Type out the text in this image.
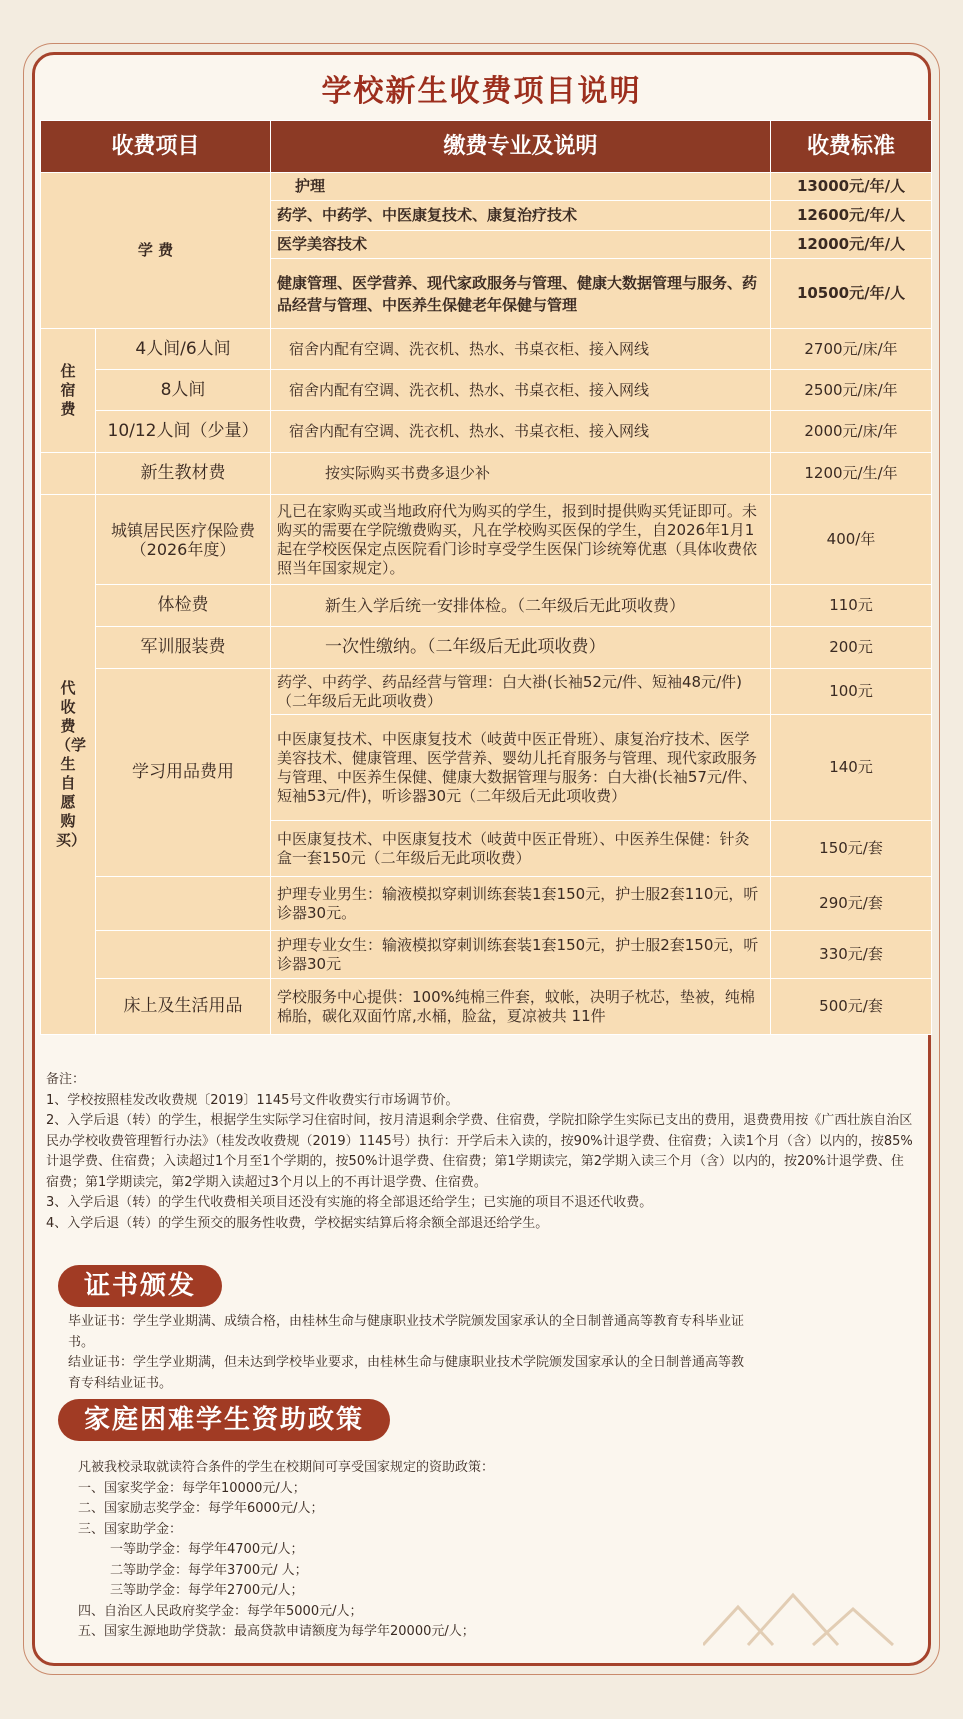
学校新生收费项目说明
收费项目		缴费专业及说明	收费标准
学 费		护理	13000元/年/人
		药学、中药学、中医康复技术、康复治疗技术	12600元/年/人
		医学美容技术	12000元/年/人
		健康管理、医学营养、现代家政服务与管理、健康大数据管理与服务、药品经营与管理、中医养生保健老年保健与管理	10500元/年/人
住宿费	4人间/6人间	宿舍内配有空调、洗衣机、热水、书桌衣柜、接入网线	2700元/床/年
	8人间	宿舍内配有空调、洗衣机、热水、书桌衣柜、接入网线	2500元/床/年
	10/12人间（少量）	宿舍内配有空调、洗衣机、热水、书桌衣柜、接入网线	2000元/床/年
	新生教材费	按实际购买书费多退少补	1200元/生/年
代收费（学生自愿购买）	城镇居民医疗保险费（2026年度）	凡已在家购买或当地政府代为购买的学生，报到时提供购买凭证即可。未购买的需要在学院缴费购买，凡在学校购买医保的学生，自2026年1月1起在学校医保定点医院看门诊时享受学生医保门诊统筹优惠（具体收费依照当年国家规定）。	400/年
	体检费	新生入学后统一安排体检。（二年级后无此项收费）	110元
	军训服装费	一次性缴纳。（二年级后无此项收费）	200元
	学习用品费用	药学、中药学、药品经营与管理：白大褂(长袖52元/件、短袖48元/件)（二年级后无此项收费）	100元
		中医康复技术、中医康复技术（岐黄中医正骨班）、康复治疗技术、医学美容技术、健康管理、医学营养、婴幼儿托育服务与管理、现代家政服务与管理、中医养生保健、健康大数据管理与服务：白大褂(长袖57元/件、短袖53元/件)，听诊器30元（二年级后无此项收费）	140元
		中医康复技术、中医康复技术（岐黄中医正骨班）、中医养生保健：针灸盒一套150元（二年级后无此项收费）	150元/套
		护理专业男生：输液模拟穿刺训练套装1套150元，护士服2套110元，听诊器30元。	290元/套
		护理专业女生：输液模拟穿刺训练套装1套150元，护士服2套150元，听诊器30元	330元/套
	床上及生活用品	学校服务中心提供：100%纯棉三件套，蚊帐，决明子枕芯，垫被，纯棉棉胎，碳化双面竹席,水桶，脸盆，夏凉被共 11件	500元/套
备注：
1、学校按照桂发改收费规〔2019〕1145号文件收费实行市场调节价。
2、入学后退（转）的学生，根据学生实际学习住宿时间，按月清退剩余学费、住宿费，学院扣除学生实际已支出的费用，退费费用按《广西壮族自治区民办学校收费管理暂行办法》（桂发改收费规（2019）1145号）执行：开学后未入读的，按90%计退学费、住宿费；入读1个月（含）以内的，按85%计退学费、住宿费；入读超过1个月至1个学期的，按50%计退学费、住宿费；第1学期读完，第2学期入读三个月（含）以内的，按20%计退学费、住宿费；第1学期读完，第2学期入读超过3个月以上的不再计退学费、住宿费。
3、入学后退（转）的学生代收费相关项目还没有实施的将全部退还给学生；已实施的项目不退还代收费。
4、入学后退（转）的学生预交的服务性收费，学校据实结算后将余额全部退还给学生。
证书颁发
毕业证书：学生学业期满、成绩合格，由桂林生命与健康职业技术学院颁发国家承认的全日制普通高等教育专科毕业证书。
结业证书：学生学业期满，但未达到学校毕业要求，由桂林生命与健康职业技术学院颁发国家承认的全日制普通高等教育专科结业证书。
家庭困难学生资助政策
凡被我校录取就读符合条件的学生在校期间可享受国家规定的资助政策：
一、国家奖学金：每学年10000元/人；
二、国家励志奖学金：每学年6000元/人；
三、国家助学金：
一等助学金：每学年4700元/人；
二等助学金：每学年3700元/ 人；
三等助学金：每学年2700元/人；
四、自治区人民政府奖学金：每学年5000元/人；
五、国家生源地助学贷款：最高贷款申请额度为每学年20000元/人；
